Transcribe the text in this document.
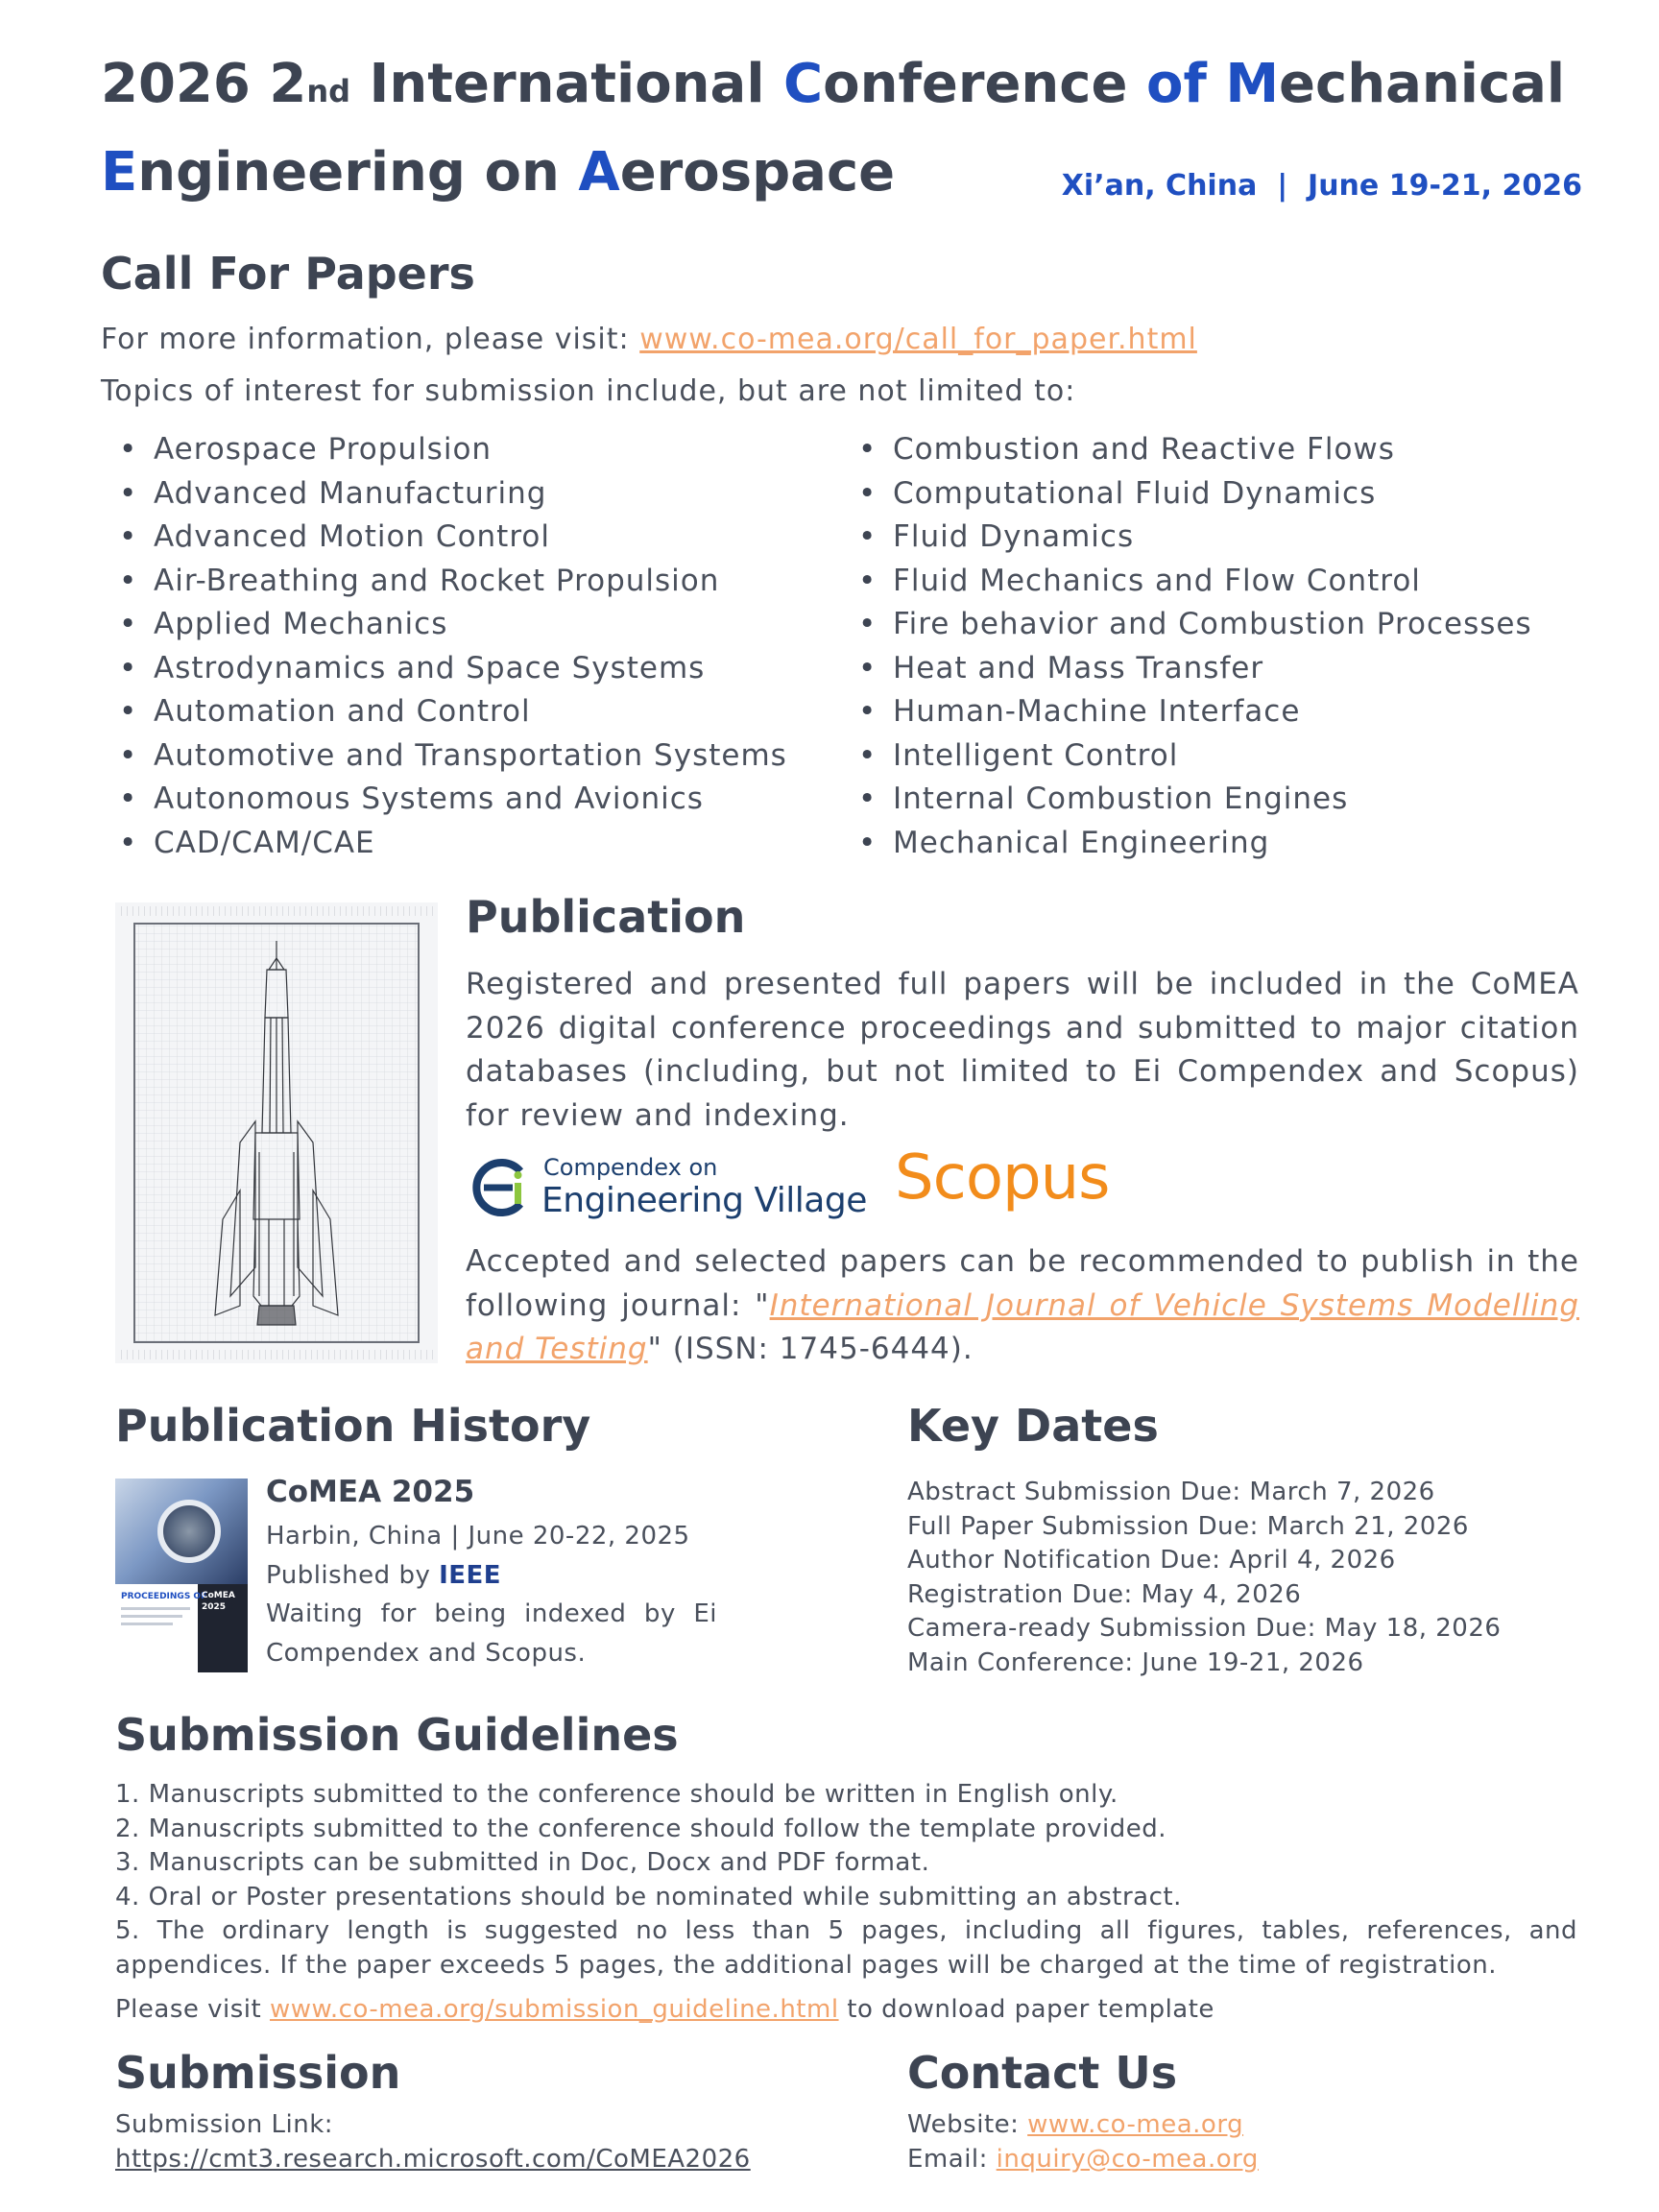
2026 2nd International Conference of Mechanical
Engineering on Aerospace	Xi’an, China  |  June 19-21, 2026
Call For Papers
For more information, please visit: www.co-mea.org/call_for_paper.html
Topics of interest for submission include, but are not limited to:
• Aerospace Propulsion
• Advanced Manufacturing
• Advanced Motion Control
• Air-Breathing and Rocket Propulsion
• Applied Mechanics
• Astrodynamics and Space Systems
• Automation and Control
• Automotive and Transportation Systems
• Autonomous Systems and Avionics
• CAD/CAM/CAE
• Combustion and Reactive Flows
• Computational Fluid Dynamics
• Fluid Dynamics
• Fluid Mechanics and Flow Control
• Fire behavior and Combustion Processes
• Heat and Mass Transfer
• Human-Machine Interface
• Intelligent Control
• Internal Combustion Engines
• Mechanical Engineering
Publication
Registered and presented full papers will be included in the CoMEA 2026 digital conference proceedings and submitted to major citation databases (including, but not limited to Ei Compendex and Scopus) for review and indexing.
Compendex on
Engineering Village Scopus
Accepted and selected papers can be recommended to publish in the following journal: "International Journal of Vehicle Systems Modelling and Testing" (ISSN: 1745-6444).
Publication History
PROCEEDINGS OF
CoMEA 2025
CoMEA 2025
Harbin, China | June 20-22, 2025
Published by IEEE
Waiting for being indexed by Ei Compendex and Scopus.
Key Dates
Abstract Submission Due: March 7, 2026
Full Paper Submission Due: March 21, 2026
Author Notification Due: April 4, 2026
Registration Due: May 4, 2026
Camera-ready Submission Due: May 18, 2026
Main Conference: June 19-21, 2026
Submission Guidelines
1. Manuscripts submitted to the conference should be written in English only.
2. Manuscripts submitted to the conference should follow the template provided.
3. Manuscripts can be submitted in Doc, Docx and PDF format.
4. Oral or Poster presentations should be nominated while submitting an abstract.
5. The ordinary length is suggested no less than 5 pages, including all figures, tables, references, and appendices. If the paper exceeds 5 pages, the additional pages will be charged at the time of registration.
Please visit www.co-mea.org/submission_guideline.html to download paper template
Submission
Submission Link:
https://cmt3.research.microsoft.com/CoMEA2026
Contact Us
Website: www.co-mea.org
Email: inquiry@co-mea.org
